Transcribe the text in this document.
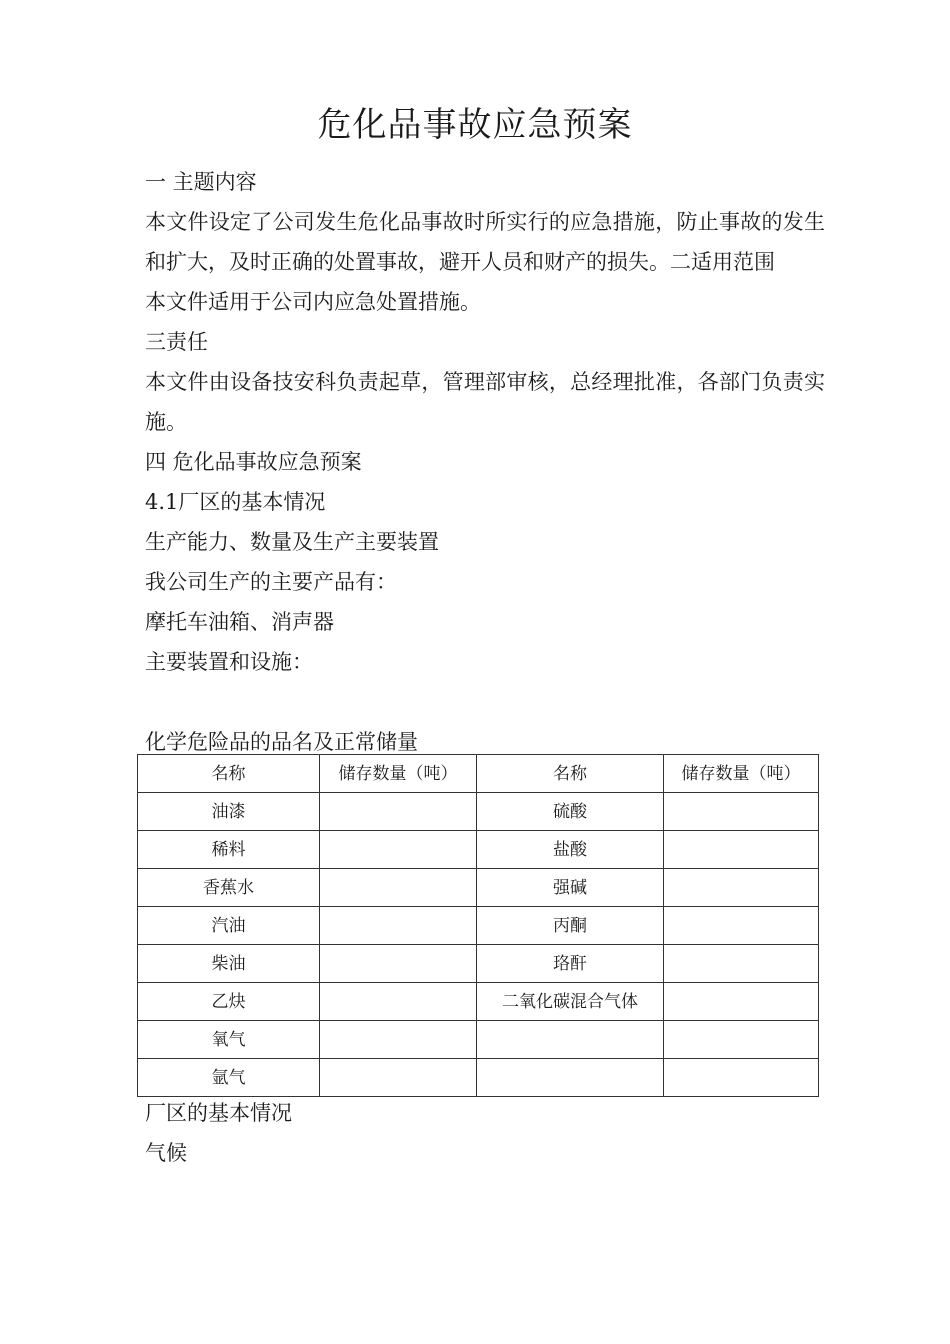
危化品事故应急预案

一 主题内容

本文件设定了公司发生危化品事故时所实行的应急措施，防止事故的发生和扩大，及时正确的处置事故，避开人员和财产的损失。二适用范围

本文件适用于公司内应急处置措施。

三责任

本文件由设备技安科负责起草，管理部审核，总经理批准，各部门负责实施。

四 危化品事故应急预案

4.1厂区的基本情况

生产能力、数量及生产主要装置

我公司生产的主要产品有：

摩托车油箱、消声器

主要装置和设施：

化学危险品的品名及正常储量
名称	储存数量（吨）	名称	储存数量（吨）
油漆		硫酸	
稀料		盐酸	
香蕉水		强碱	
汽油		丙酮	
柴油		珞酐	
乙炔		二氧化碳混合气体	
氧气			
氩气			

厂区的基本情况

气候
